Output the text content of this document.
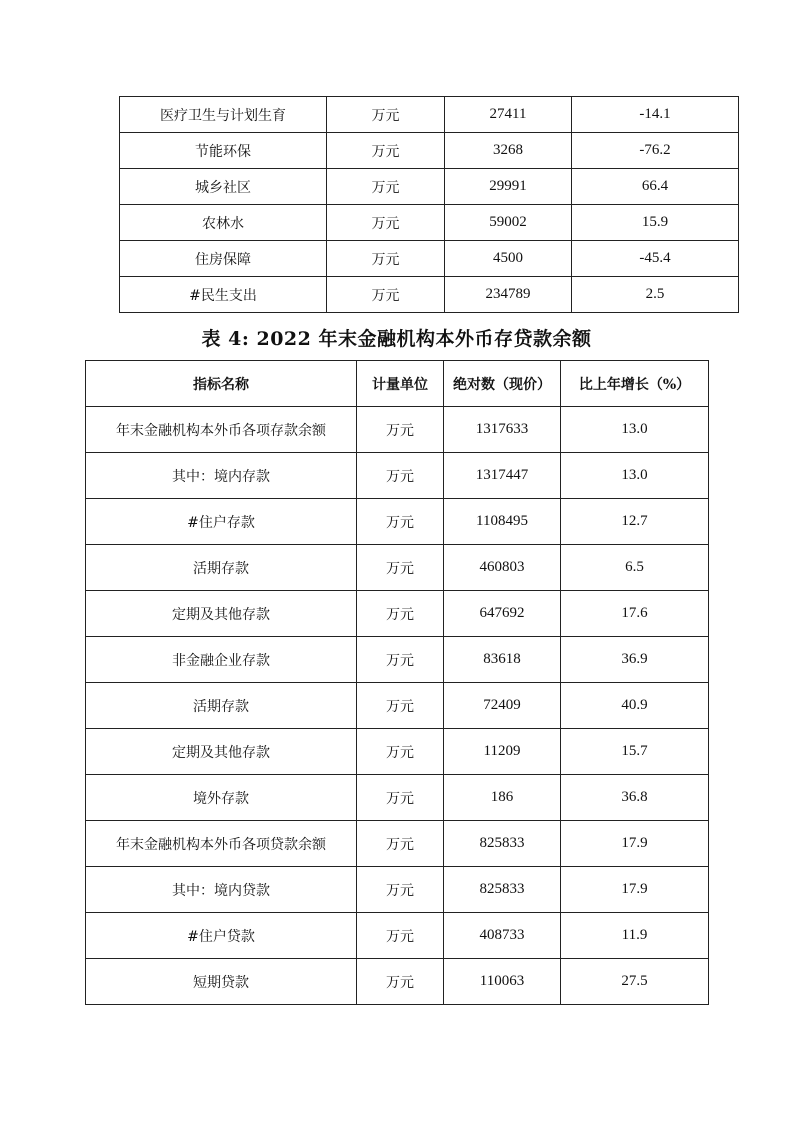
医疗卫生与计划生育	万元	27411	-14.1
节能环保	万元	3268	-76.2
城乡社区	万元	29991	66.4
农林水	万元	59002	15.9
住房保障	万元	4500	-45.4
#民生支出	万元	234789	2.5
表 4: 2022 年末金融机构本外币存贷款余额
指标名称	计量单位	绝对数（现价）	比上年增长（%）
年末金融机构本外币各项存款余额	万元	1317633	13.0
其中：境内存款	万元	1317447	13.0
#住户存款	万元	1108495	12.7
活期存款	万元	460803	6.5
定期及其他存款	万元	647692	17.6
非金融企业存款	万元	83618	36.9
活期存款	万元	72409	40.9
定期及其他存款	万元	11209	15.7
境外存款	万元	186	36.8
年末金融机构本外币各项贷款余额	万元	825833	17.9
其中：境内贷款	万元	825833	17.9
#住户贷款	万元	408733	11.9
短期贷款	万元	110063	27.5
